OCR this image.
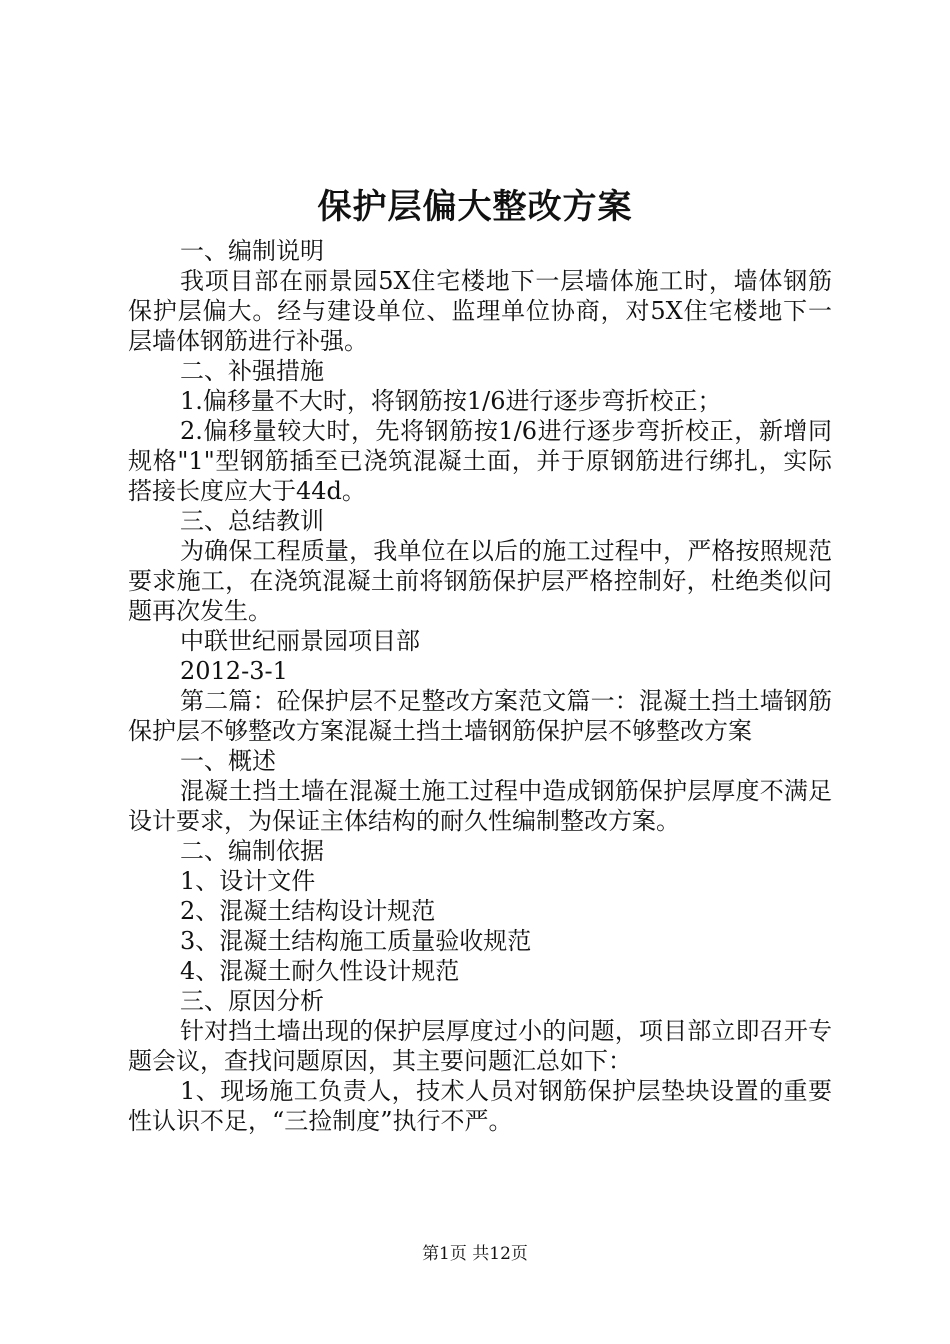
保护层偏大整改方案

一、编制说明

我项目部在丽景园5X住宅楼地下一层墙体施工时，墙体钢筋保护层偏大。经与建设单位、监理单位协商，对5X住宅楼地下一层墙体钢筋进行补强。

二、补强措施

1.偏移量不大时，将钢筋按1/6进行逐步弯折校正；

2.偏移量较大时，先将钢筋按1/6进行逐步弯折校正，新增同规格"1"型钢筋插至已浇筑混凝土面，并于原钢筋进行绑扎，实际搭接长度应大于44d。

三、总结教训

为确保工程质量，我单位在以后的施工过程中，严格按照规范要求施工，在浇筑混凝土前将钢筋保护层严格控制好，杜绝类似问题再次发生。

中联世纪丽景园项目部

2012-3-1

第二篇：砼保护层不足整改方案范文篇一：混凝土挡土墙钢筋保护层不够整改方案混凝土挡土墙钢筋保护层不够整改方案

一、概述

混凝土挡土墙在混凝土施工过程中造成钢筋保护层厚度不满足设计要求，为保证主体结构的耐久性编制整改方案。

二、编制依据

1、设计文件

2、混凝土结构设计规范

3、混凝土结构施工质量验收规范

4、混凝土耐久性设计规范

三、原因分析

针对挡土墙出现的保护层厚度过小的问题，项目部立即召开专题会议，查找问题原因，其主要问题汇总如下：

1、现场施工负责人，技术人员对钢筋保护层垫块设置的重要性认识不足，“三捡制度”执行不严。

第1页 共12页
